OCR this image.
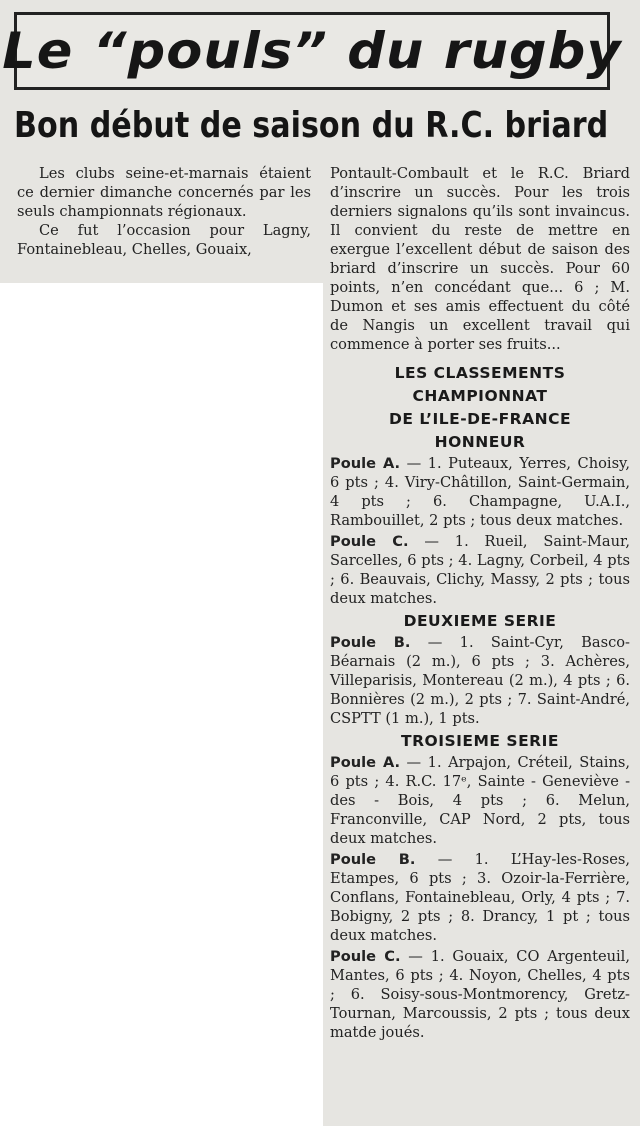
Le “pouls” du rugby
Bon début de saison du R.C. briard

Les clubs seine-et-marnais étaient ce dernier dimanche concernés par les seuls championnats régionaux.

Ce fut l’occasion pour Lagny, Fontainebleau, Chelles, Gouaix,

Pontault-Combault et le R.C. Briard d’inscrire un succès. Pour les trois derniers signalons qu’ils sont invaincus. Il convient du reste de mettre en exergue l’excellent début de saison des briard d’inscrire un succès. Pour 60 points, n’en concédant que... 6 ; M. Dumon et ses amis effectuent du côté de Nangis un excellent travail qui commence à porter ses fruits...

LES CLASSEMENTS
CHAMPIONNAT
DE L’ILE-DE-FRANCE
HONNEUR

Poule A. — 1. Puteaux, Yerres, Choisy, 6 pts ; 4. Viry-Châtillon, Saint-Germain, 4 pts ; 6. Champagne, U.A.I., Rambouillet, 2 pts ; tous deux matches.

Poule C. — 1. Rueil, Saint-Maur, Sarcelles, 6 pts ; 4. Lagny, Corbeil, 4 pts ; 6. Beauvais, Clichy, Massy, 2 pts ; tous deux matches.

DEUXIEME SERIE

Poule B. — 1. Saint-Cyr, Basco-Béarnais (2 m.), 6 pts ; 3. Achères, Villeparisis, Montereau (2 m.), 4 pts ; 6. Bonnières (2 m.), 2 pts ; 7. Saint-André, CSPTT (1 m.), 1 pts.

TROISIEME SERIE

Poule A. — 1. Arpajon, Créteil, Stains, 6 pts ; 4. R.C. 17ᵉ, Sainte - Geneviève - des - Bois, 4 pts ; 6. Melun, Franconville, CAP Nord, 2 pts, tous deux matches.

Poule B. — 1. L’Hay-les-Roses, Etampes, 6 pts ; 3. Ozoir-la-Ferrière, Conflans, Fontainebleau, Orly, 4 pts ; 7. Bobigny, 2 pts ; 8. Drancy, 1 pt ; tous deux matches.

Poule C. — 1. Gouaix, CO Argenteuil, Mantes, 6 pts ; 4. Noyon, Chelles, 4 pts ; 6. Soisy-sous-Montmorency, Gretz-Tournan, Marcoussis, 2 pts ; tous deux matde joués.
